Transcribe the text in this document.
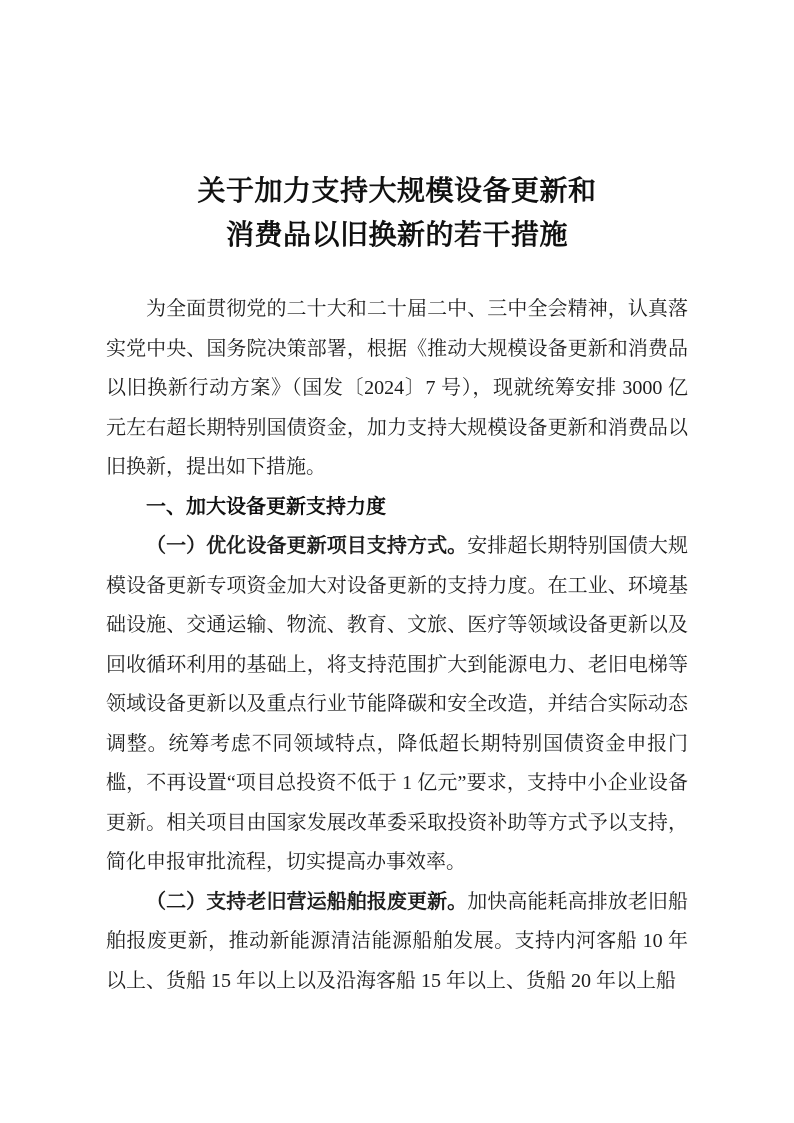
关于加力支持大规模设备更新和
消费品以旧换新的若干措施

为全面贯彻党的二十大和二十届二中、三中全会精神，认真落实党中央、国务院决策部署，根据《推动大规模设备更新和消费品以旧换新行动方案》（国发〔2024〕7 号），现就统筹安排 3000 亿元左右超长期特别国债资金，加力支持大规模设备更新和消费品以旧换新，提出如下措施。

一、加大设备更新支持力度

（一）优化设备更新项目支持方式。安排超长期特别国债大规模设备更新专项资金加大对设备更新的支持力度。在工业、环境基础设施、交通运输、物流、教育、文旅、医疗等领域设备更新以及回收循环利用的基础上，将支持范围扩大到能源电力、老旧电梯等领域设备更新以及重点行业节能降碳和安全改造，并结合实际动态调整。统筹考虑不同领域特点，降低超长期特别国债资金申报门槛，不再设置“项目总投资不低于 1 亿元”要求，支持中小企业设备更新。相关项目由国家发展改革委采取投资补助等方式予以支持，简化申报审批流程，切实提高办事效率。

（二）支持老旧营运船舶报废更新。加快高能耗高排放老旧船舶报废更新，推动新能源清洁能源船舶发展。支持内河客船 10 年以上、货船 15 年以上以及沿海客船 15 年以上、货船 20 年以上船
